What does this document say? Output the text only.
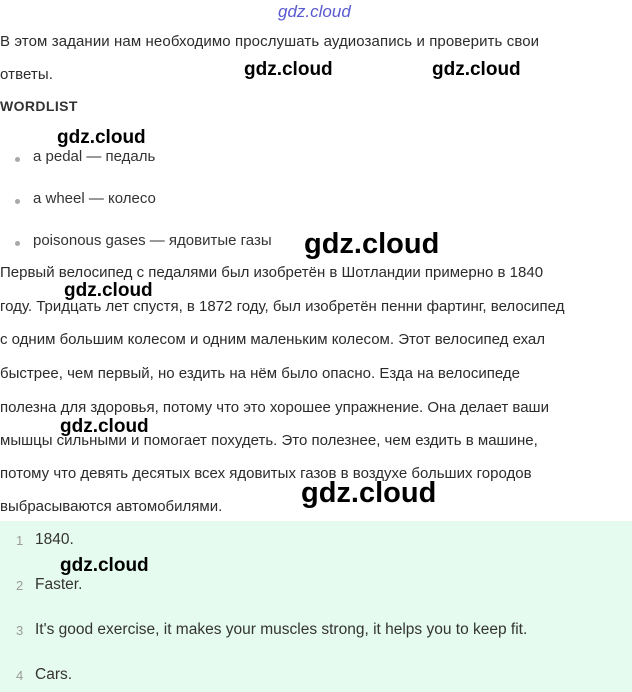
В этом задании нам необходимо прослушать аудиозапись и проверить свои
ответы.
WORDLIST
a pedal — педаль
a wheel — колесо
poisonous gases — ядовитые газы
Первый велосипед с педалями был изобретён в Шотландии примерно в 1840
году. Тридцать лет спустя, в 1872 году, был изобретён пенни фартинг, велосипед
с одним большим колесом и одним маленьким колесом. Этот велосипед ехал
быстрее, чем первый, но ездить на нём было опасно. Езда на велосипеде
полезна для здоровья, потому что это хорошее упражнение. Она делает ваши
мышцы сильными и помогает похудеть. Это полезнее, чем ездить в машине,
потому что девять десятых всех ядовитых газов в воздухе больших городов
выбрасываются автомобилями.
1 1840.
2 Faster.
3 It's good exercise, it makes your muscles strong, it helps you to keep fit.
4 Cars.
gdz.cloud
gdz.cloud	gdz.cloud
gdz.cloud
gdz.cloud
gdz.cloud
gdz.cloud
gdz.cloud
gdz.cloud
